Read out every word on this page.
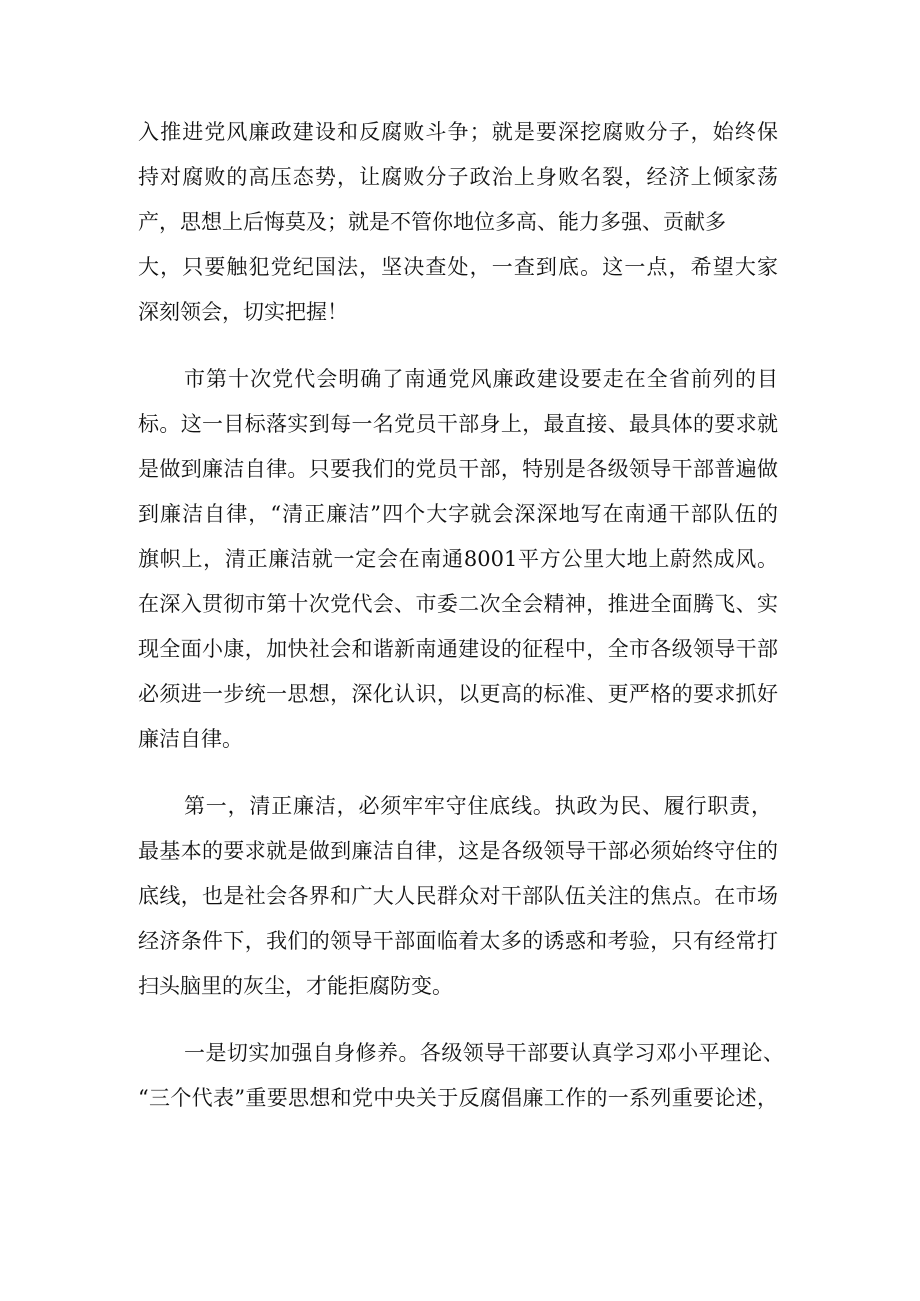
入推进党风廉政建设和反腐败斗争；就是要深挖腐败分子，始终保
持对腐败的高压态势，让腐败分子政治上身败名裂，经济上倾家荡
产，思想上后悔莫及；就是不管你地位多高、能力多强、贡献多
大，只要触犯党纪国法，坚决查处，一查到底。这一点，希望大家
深刻领会，切实把握！
市第十次党代会明确了南通党风廉政建设要走在全省前列的目
标。这一目标落实到每一名党员干部身上，最直接、最具体的要求就
是做到廉洁自律。只要我们的党员干部，特别是各级领导干部普遍做
到廉洁自律，“清正廉洁”四个大字就会深深地写在南通干部队伍的
旗帜上，清正廉洁就一定会在南通8001平方公里大地上蔚然成风。
在深入贯彻市第十次党代会、市委二次全会精神，推进全面腾飞、实
现全面小康，加快社会和谐新南通建设的征程中，全市各级领导干部
必须进一步统一思想，深化认识，以更高的标准、更严格的要求抓好
廉洁自律。
第一，清正廉洁，必须牢牢守住底线。执政为民、履行职责，
最基本的要求就是做到廉洁自律，这是各级领导干部必须始终守住的
底线，也是社会各界和广大人民群众对干部队伍关注的焦点。在市场
经济条件下，我们的领导干部面临着太多的诱惑和考验，只有经常打
扫头脑里的灰尘，才能拒腐防变。
一是切实加强自身修养。各级领导干部要认真学习邓小平理论、
“三个代表”重要思想和党中央关于反腐倡廉工作的一系列重要论述，
